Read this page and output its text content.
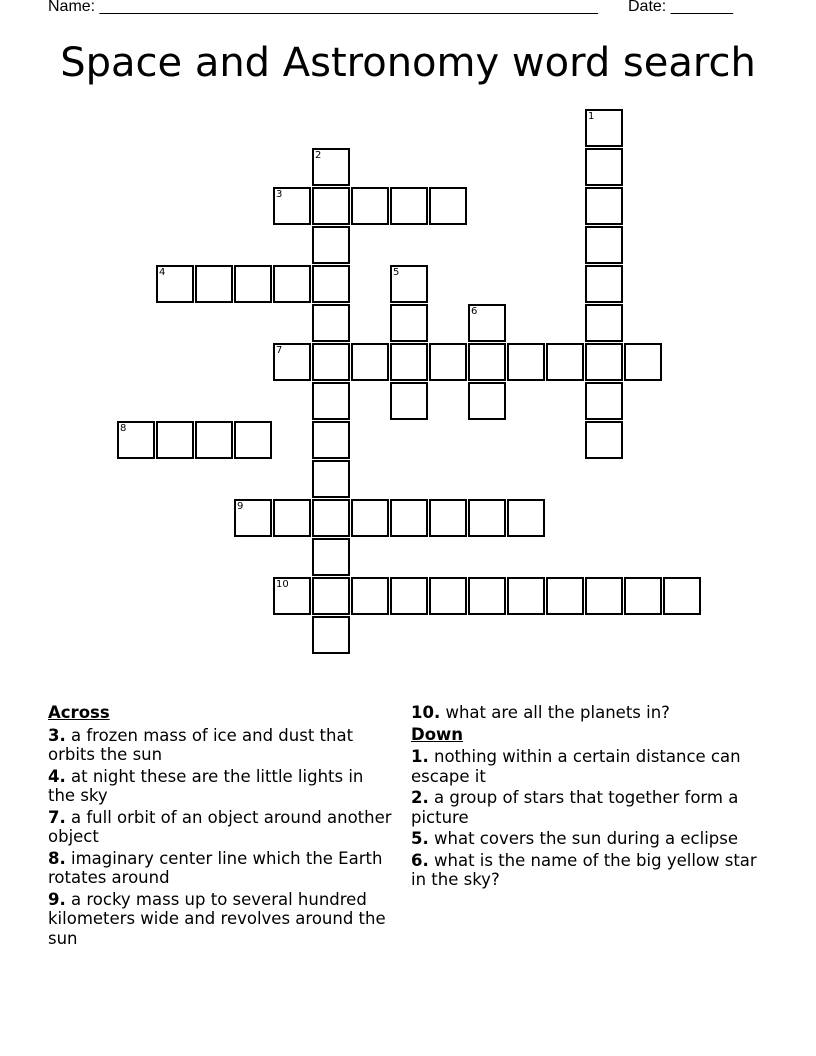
Name: ________________________________________________________ Date: _______
Space and Astronomy word search
1
2
3
4	5
6
7
8
9
10
Across
3. a frozen mass of ice and dust that orbits the sun
4. at night these are the little lights in the sky
7. a full orbit of an object around another object
8. imaginary center line which the Earth rotates around
9. a rocky mass up to several hundred kilometers wide and revolves around the sun
10. what are all the planets in?
Down
1. nothing within a certain distance can escape it
2. a group of stars that together form a picture
5. what covers the sun during a eclipse
6. what is the name of the big yellow star in the sky?
